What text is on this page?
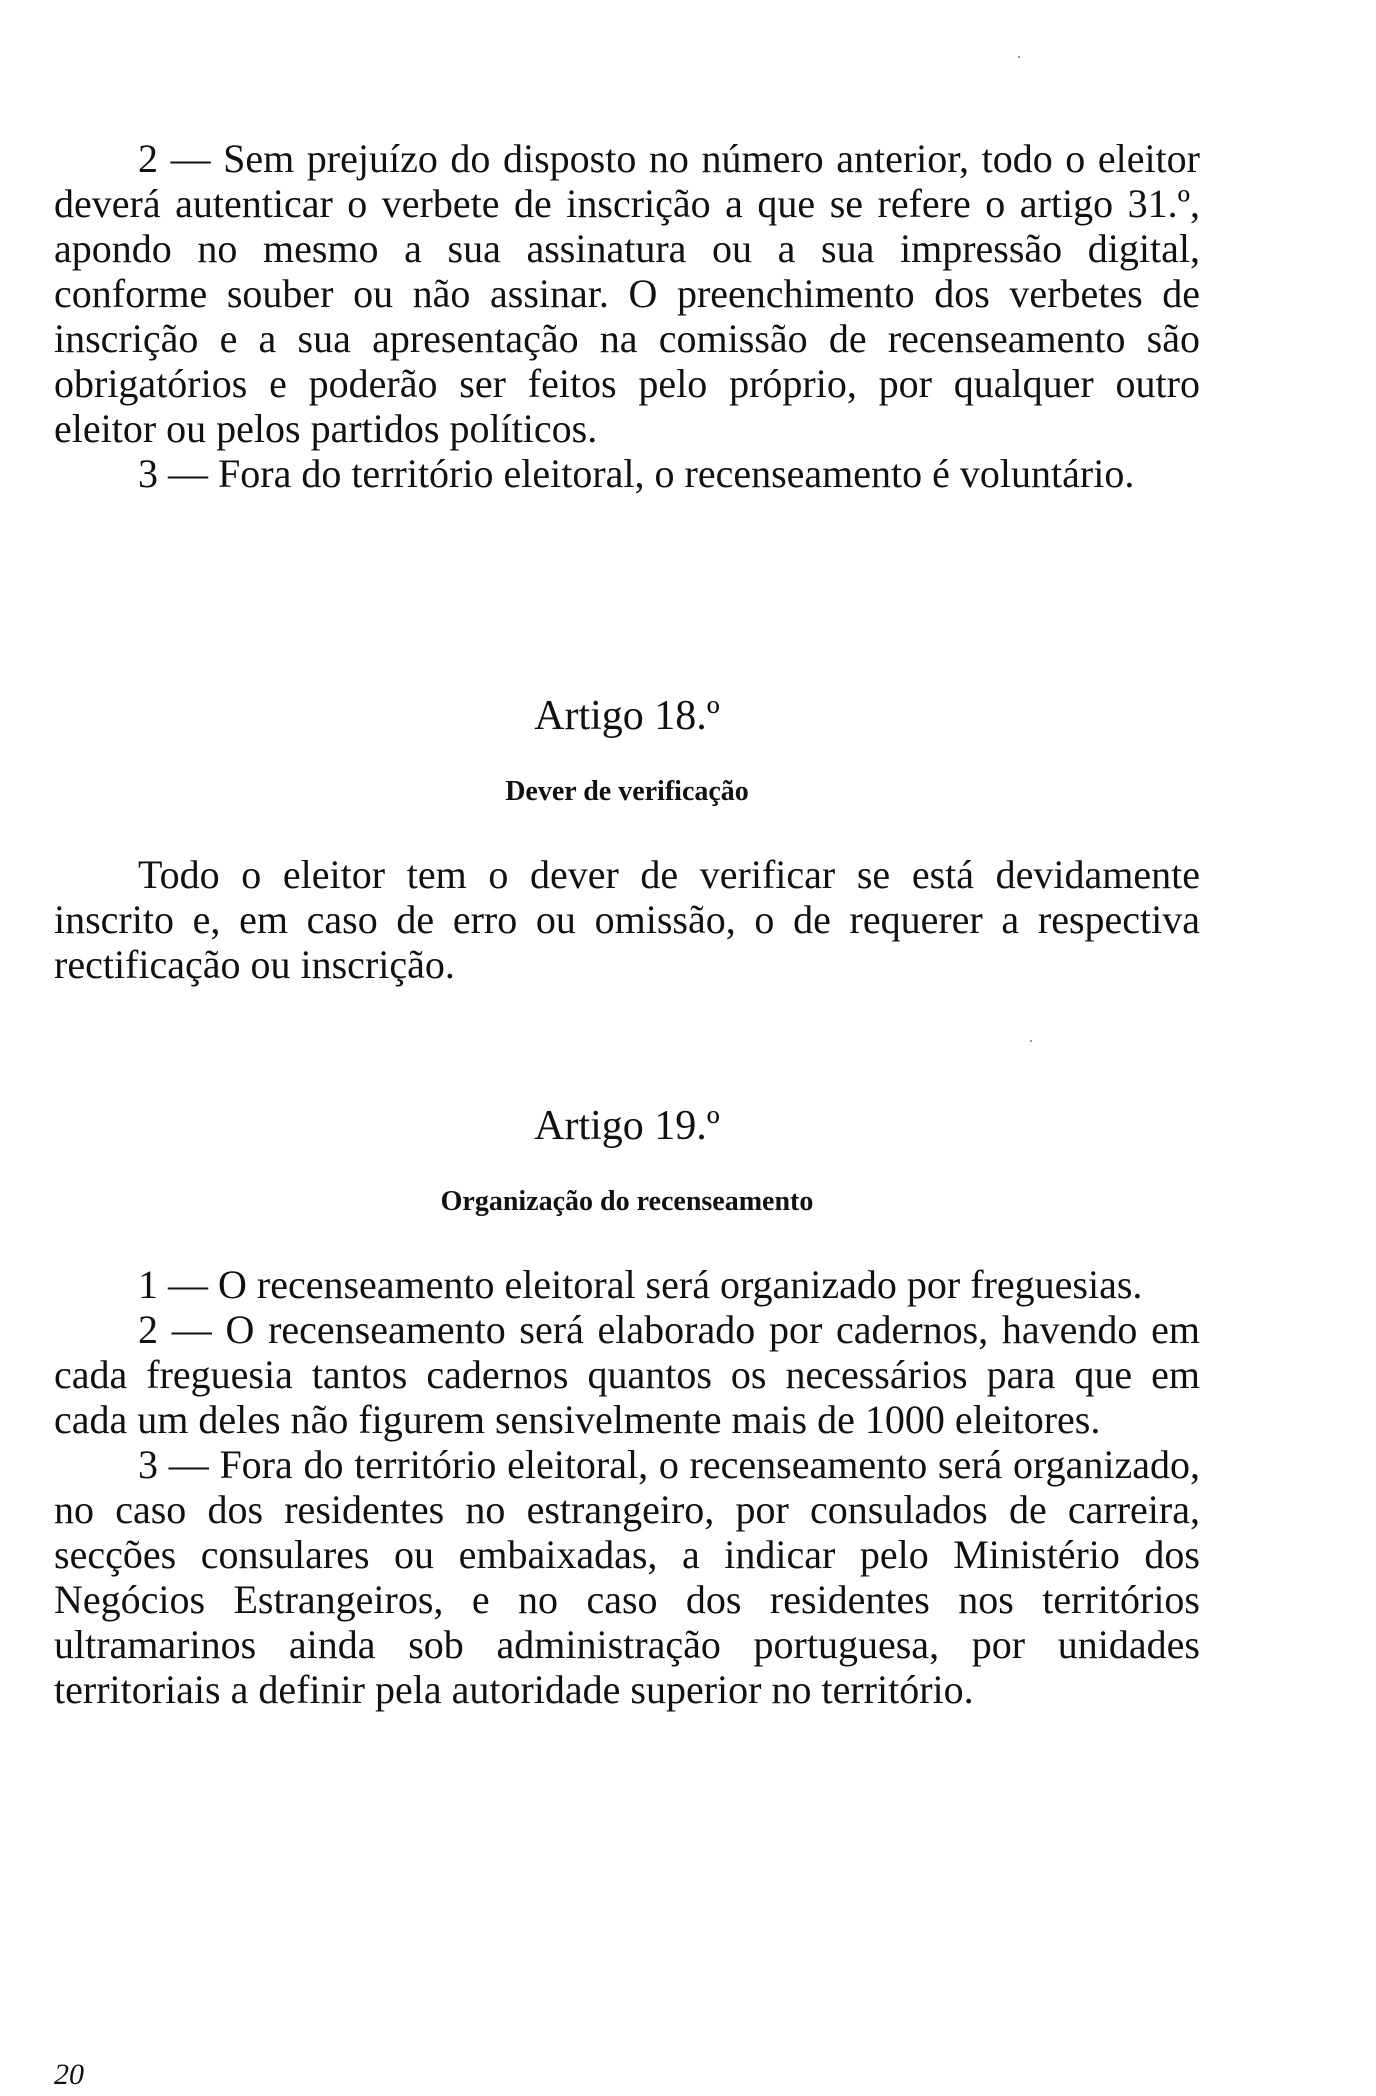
2 — Sem prejuízo do disposto no número anterior, todo o eleitor deverá autenticar o verbete de inscrição a que se refere o artigo 31.º, apondo no mesmo a sua assinatura ou a sua impressão digital, conforme souber ou não assinar. O preenchimento dos verbetes de inscrição e a sua apresentação na comissão de recenseamento são obrigatórios e poderão ser feitos pelo próprio, por qualquer outro eleitor ou pelos partidos políticos.

3 — Fora do território eleitoral, o recenseamento é voluntário.

Artigo 18.º

Dever de verificação

Todo o eleitor tem o dever de verificar se está devidamente inscrito e, em caso de erro ou omissão, o de requerer a respectiva rectificação ou inscrição.

Artigo 19.º

Organização do recenseamento

1 — O recenseamento eleitoral será organizado por freguesias.

2 — O recenseamento será elaborado por cadernos, havendo em cada freguesia tantos cadernos quantos os necessários para que em cada um deles não figurem sensivelmente mais de 1000 eleitores.

3 — Fora do território eleitoral, o recenseamento será organizado, no caso dos residentes no estrangeiro, por consulados de carreira, secções consulares ou embaixadas, a indicar pelo Ministério dos Negócios Estrangeiros, e no caso dos residentes nos territórios ultramarinos ainda sob administração portuguesa, por unidades territoriais a definir pela autoridade superior no território.

20
